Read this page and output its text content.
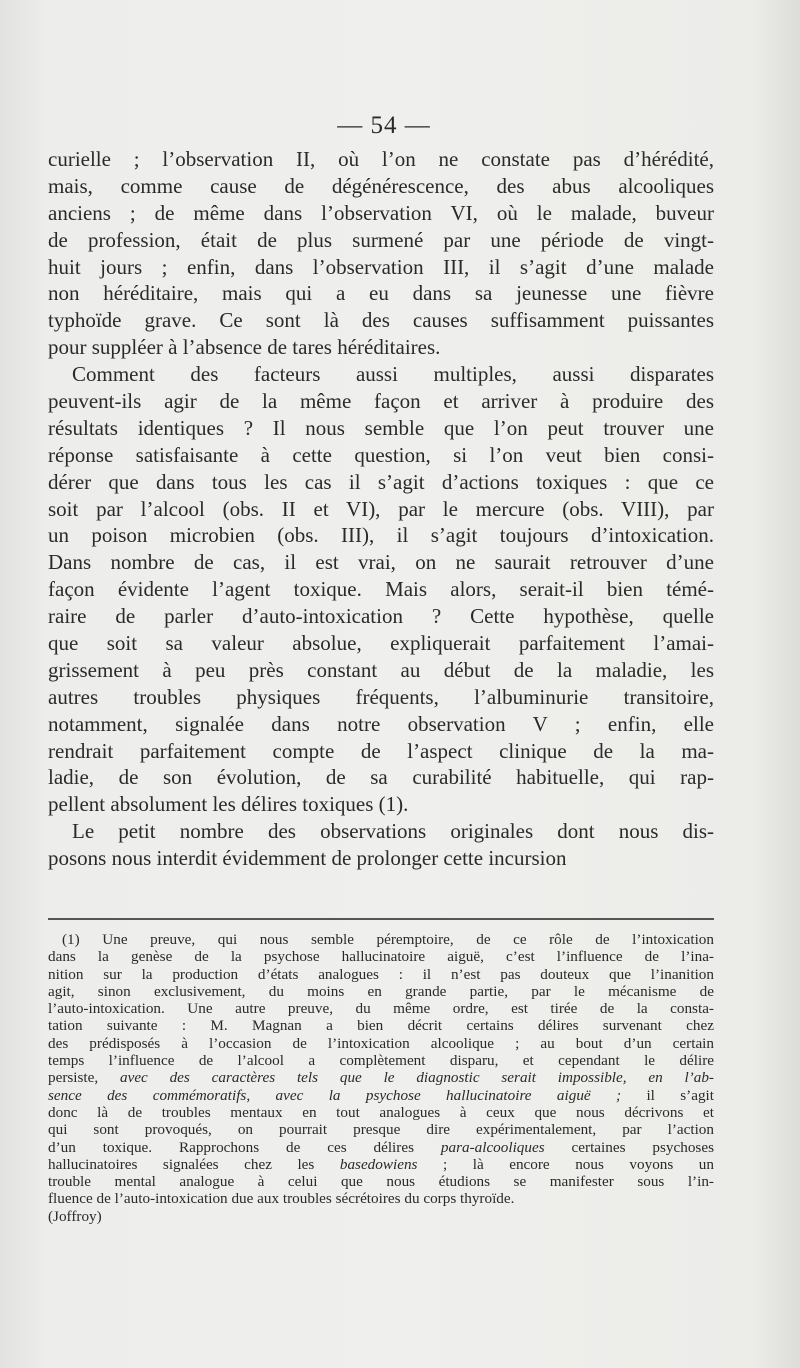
— 54 —
curielle ; l’observation II, où l’on ne constate pas d’hérédité,
mais, comme cause de dégénérescence, des abus alcooliques
anciens ; de même dans l’observation VI, où le malade, buveur
de profession, était de plus surmené par une période de vingt-
huit jours ; enfin, dans l’observation III, il s’agit d’une malade
non héréditaire, mais qui a eu dans sa jeunesse une fièvre
typhoïde grave. Ce sont là des causes suffisamment puissantes
pour suppléer à l’absence de tares héréditaires.
Comment des facteurs aussi multiples, aussi disparates
peuvent-ils agir de la même façon et arriver à produire des
résultats identiques ? Il nous semble que l’on peut trouver une
réponse satisfaisante à cette question, si l’on veut bien consi-
dérer que dans tous les cas il s’agit d’actions toxiques : que ce
soit par l’alcool (obs. II et VI), par le mercure (obs. VIII), par
un poison microbien (obs. III), il s’agit toujours d’intoxication.
Dans nombre de cas, il est vrai, on ne saurait retrouver d’une
façon évidente l’agent toxique. Mais alors, serait-il bien témé-
raire de parler d’auto-intoxication ? Cette hypothèse, quelle
que soit sa valeur absolue, expliquerait parfaitement l’amai-
grissement à peu près constant au début de la maladie, les
autres troubles physiques fréquents, l’albuminurie transitoire,
notamment, signalée dans notre observation V ; enfin, elle
rendrait parfaitement compte de l’aspect clinique de la ma-
ladie, de son évolution, de sa curabilité habituelle, qui rap-
pellent absolument les délires toxiques (1).
Le petit nombre des observations originales dont nous dis-
posons nous interdit évidemment de prolonger cette incursion
(1) Une preuve, qui nous semble péremptoire, de ce rôle de l’intoxication
dans la genèse de la psychose hallucinatoire aiguë, c’est l’influence de l’ina-
nition sur la production d’états analogues : il n’est pas douteux que l’inanition
agit, sinon exclusivement, du moins en grande partie, par le mécanisme de
l’auto-intoxication. Une autre preuve, du même ordre, est tirée de la consta-
tation suivante : M. Magnan a bien décrit certains délires survenant chez
des prédisposés à l’occasion de l’intoxication alcoolique ; au bout d’un certain
temps l’influence de l’alcool a complètement disparu, et cependant le délire
persiste, avec des caractères tels que le diagnostic serait impossible, en l’ab-
sence des commémoratifs, avec la psychose hallucinatoire aiguë ; il s’agit
donc là de troubles mentaux en tout analogues à ceux que nous décrivons et
qui sont provoqués, on pourrait presque dire expérimentalement, par l’action
d’un toxique. Rapprochons de ces délires para-alcooliques certaines psychoses
hallucinatoires signalées chez les basedowiens ; là encore nous voyons un
trouble mental analogue à celui que nous étudions se manifester sous l’in-
fluence de l’auto-intoxication due aux troubles sécrétoires du corps thyroïde.
(Joffroy)
